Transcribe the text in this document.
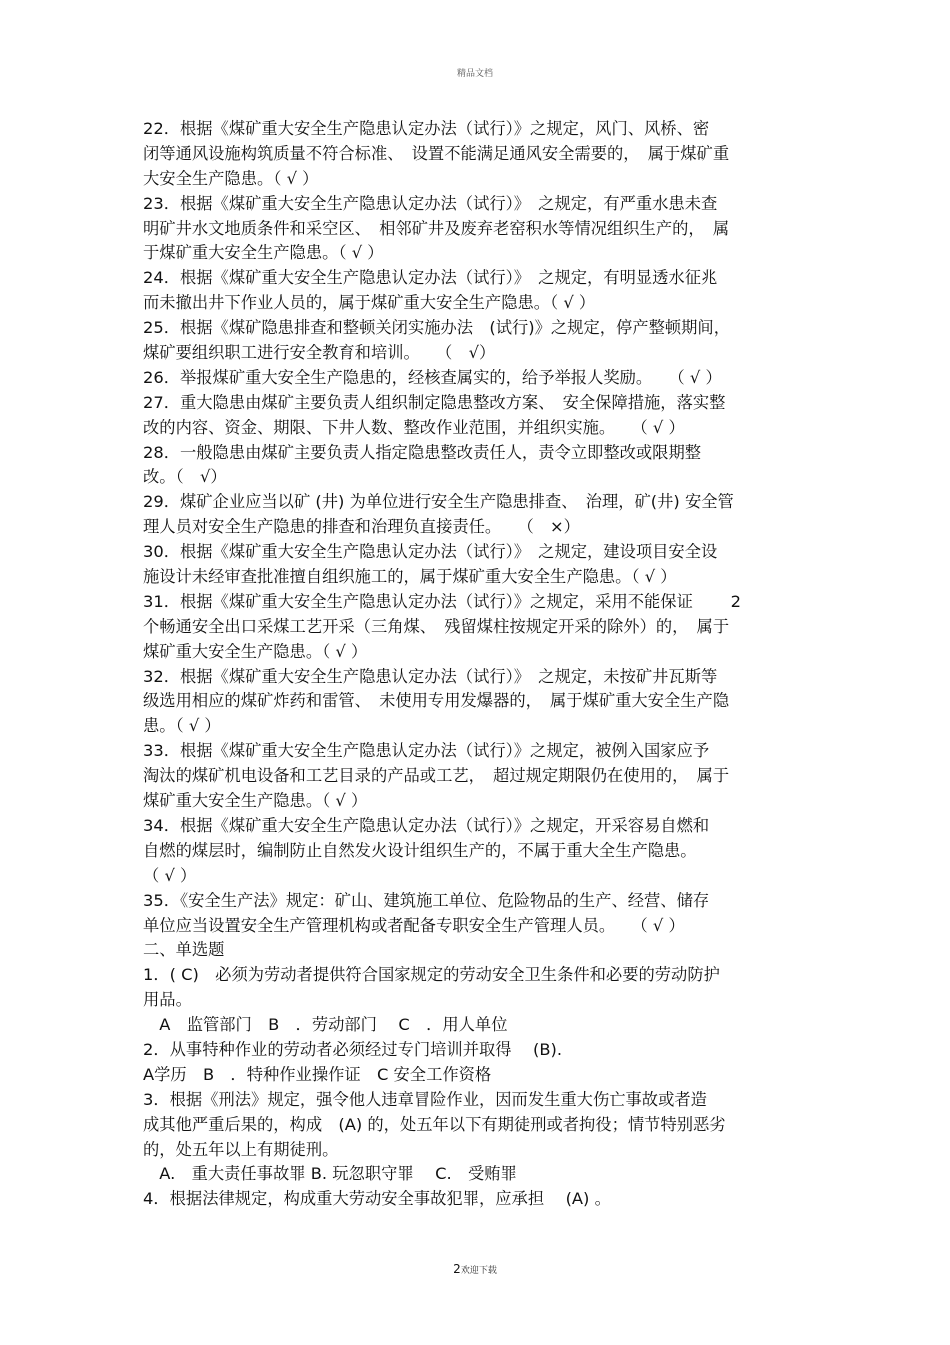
精品文档
22．根据《煤矿重大安全生产隐患认定办法（试行）》之规定，风门、风桥、密
闭等通风设施构筑质量不符合标准、　设置不能满足通风安全需要的，　属于煤矿重
大安全生产隐患。（ √ ）
23．根据《煤矿重大安全生产隐患认定办法（试行）》　之规定，有严重水患未查
明矿井水文地质条件和采空区、　相邻矿井及废弃老窑积水等情况组织生产的，　属
于煤矿重大安全生产隐患。（ √ ）
24．根据《煤矿重大安全生产隐患认定办法（试行）》　之规定，有明显透水征兆
而未撤出井下作业人员的，属于煤矿重大安全生产隐患。（ √ ）
25．根据《煤矿隐患排查和整顿关闭实施办法　(试行)》之规定，停产整顿期间，
煤矿要组织职工进行安全教育和培训。　　（　√）
26．举报煤矿重大安全生产隐患的，经核查属实的，给予举报人奖励。　　（ √ ）
27．重大隐患由煤矿主要负责人组织制定隐患整改方案、　安全保障措施，落实整
改的内容、资金、期限、下井人数、整改作业范围，并组织实施。　　（ √ ）
28．一般隐患由煤矿主要负责人指定隐患整改责任人，责令立即整改或限期整
改。（　√）
29．煤矿企业应当以矿 (井) 为单位进行安全生产隐患排查、　治理，矿(井) 安全管
理人员对安全生产隐患的排查和治理负直接责任。　　（　×）
30．根据《煤矿重大安全生产隐患认定办法（试行）》　之规定，建设项目安全设
施设计未经审查批准擅自组织施工的，属于煤矿重大安全生产隐患。（ √ ）
31．根据《煤矿重大安全生产隐患认定办法（试行）》之规定，采用不能保证　　 2
个畅通安全出口采煤工艺开采（三角煤、　残留煤柱按规定开采的除外）的，　属于
煤矿重大安全生产隐患。（ √ ）
32．根据《煤矿重大安全生产隐患认定办法（试行）》　之规定，未按矿井瓦斯等
级选用相应的煤矿炸药和雷管、　未使用专用发爆器的，　属于煤矿重大安全生产隐
患。（ √ ）
33．根据《煤矿重大安全生产隐患认定办法（试行）》之规定，被例入国家应予
淘汰的煤矿机电设备和工艺目录的产品或工艺，　超过规定期限仍在使用的，　属于
煤矿重大安全生产隐患。（ √ ）
34．根据《煤矿重大安全生产隐患认定办法（试行）》之规定，开采容易自燃和
自燃的煤层时，编制防止自然发火设计组织生产的，不属于重大全生产隐患。
（ √ ）
35．《安全生产法》规定：矿山、建筑施工单位、危险物品的生产、经营、储存
单位应当设置安全生产管理机构或者配备专职安全生产管理人员。　　（ √ ）
二、单选题
1．( C)　必须为劳动者提供符合国家规定的劳动安全卫生条件和必要的劳动防护
用品。
　A　监管部门　B　．劳动部门　 C　．用人单位
2．从事特种作业的劳动者必须经过专门培训并取得　 (B).
A学历　B　．特种作业操作证　C 安全工作资格
3．根据《刑法》规定，强令他人违章冒险作业，因而发生重大伤亡事故或者造
成其他严重后果的，构成　(A) 的，处五年以下有期徒刑或者拘役；情节特别恶劣
的，处五年以上有期徒刑。
　A.　重大责任事故罪 B. 玩忽职守罪　 C.　受贿罪
4．根据法律规定，构成重大劳动安全事故犯罪，应承担　 (A) 。
2欢迎下载
